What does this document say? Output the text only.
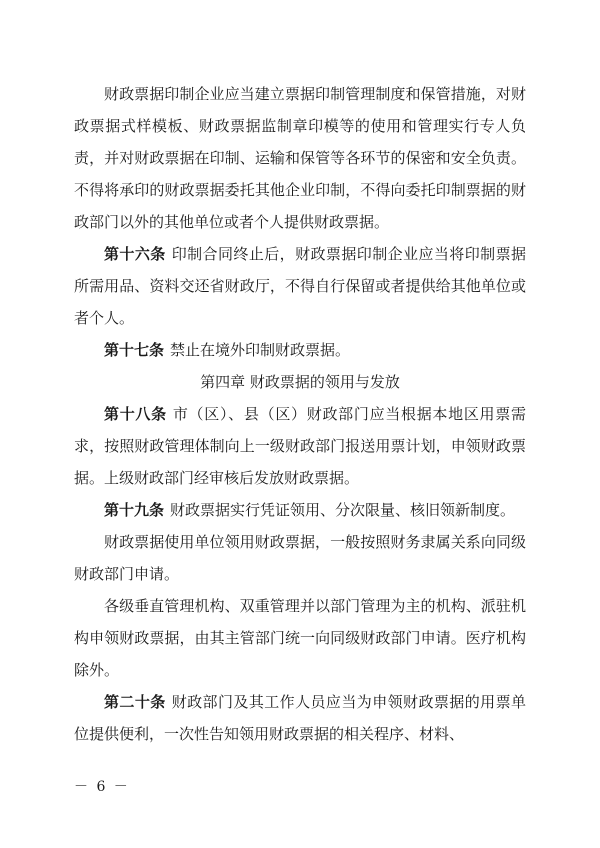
财政票据印制企业应当建立票据印制管理制度和保管措施，对财政票据式样模板、财政票据监制章印模等的使用和管理实行专人负责，并对财政票据在印制、运输和保管等各环节的保密和安全负责。不得将承印的财政票据委托其他企业印制，不得向委托印制票据的财政部门以外的其他单位或者个人提供财政票据。

第十六条 印制合同终止后，财政票据印制企业应当将印制票据所需用品、资料交还省财政厅，不得自行保留或者提供给其他单位或者个人。

第十七条 禁止在境外印制财政票据。

第四章 财政票据的领用与发放

第十八条 市（区）、县（区）财政部门应当根据本地区用票需求，按照财政管理体制向上一级财政部门报送用票计划，申领财政票据。上级财政部门经审核后发放财政票据。

第十九条 财政票据实行凭证领用、分次限量、核旧领新制度。

财政票据使用单位领用财政票据，一般按照财务隶属关系向同级财政部门申请。

各级垂直管理机构、双重管理并以部门管理为主的机构、派驻机构申领财政票据，由其主管部门统一向同级财政部门申请。医疗机构除外。

第二十条 财政部门及其工作人员应当为申领财政票据的用票单位提供便利，一次性告知领用财政票据的相关程序、材料、

－ 6 －
